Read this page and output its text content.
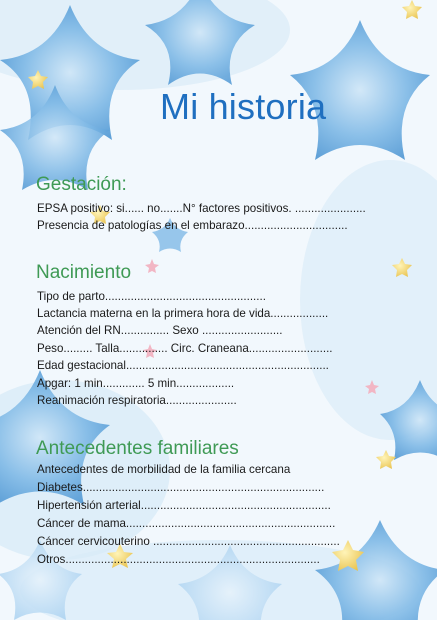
Mi historia
Gestación:
EPSA positivo: si...... no.......N° factores positivos. ......................
Presencia de patologías en el embarazo................................
Nacimiento
Tipo de parto..................................................
Lactancia materna en la primera hora de vida..................
Atención del RN............... Sexo .........................
Peso......... Talla............... Circ. Craneana..........................
Edad gestacional...............................................................
Apgar: 1 min............. 5 min..................
Reanimación respiratoria......................
Antecedentes familiares
Antecedentes de morbilidad de la familia cercana
Diabetes...........................................................................
Hipertensión arterial...........................................................
Cáncer de mama.................................................................
Cáncer cervicouterino ..........................................................
Otros...............................................................................
